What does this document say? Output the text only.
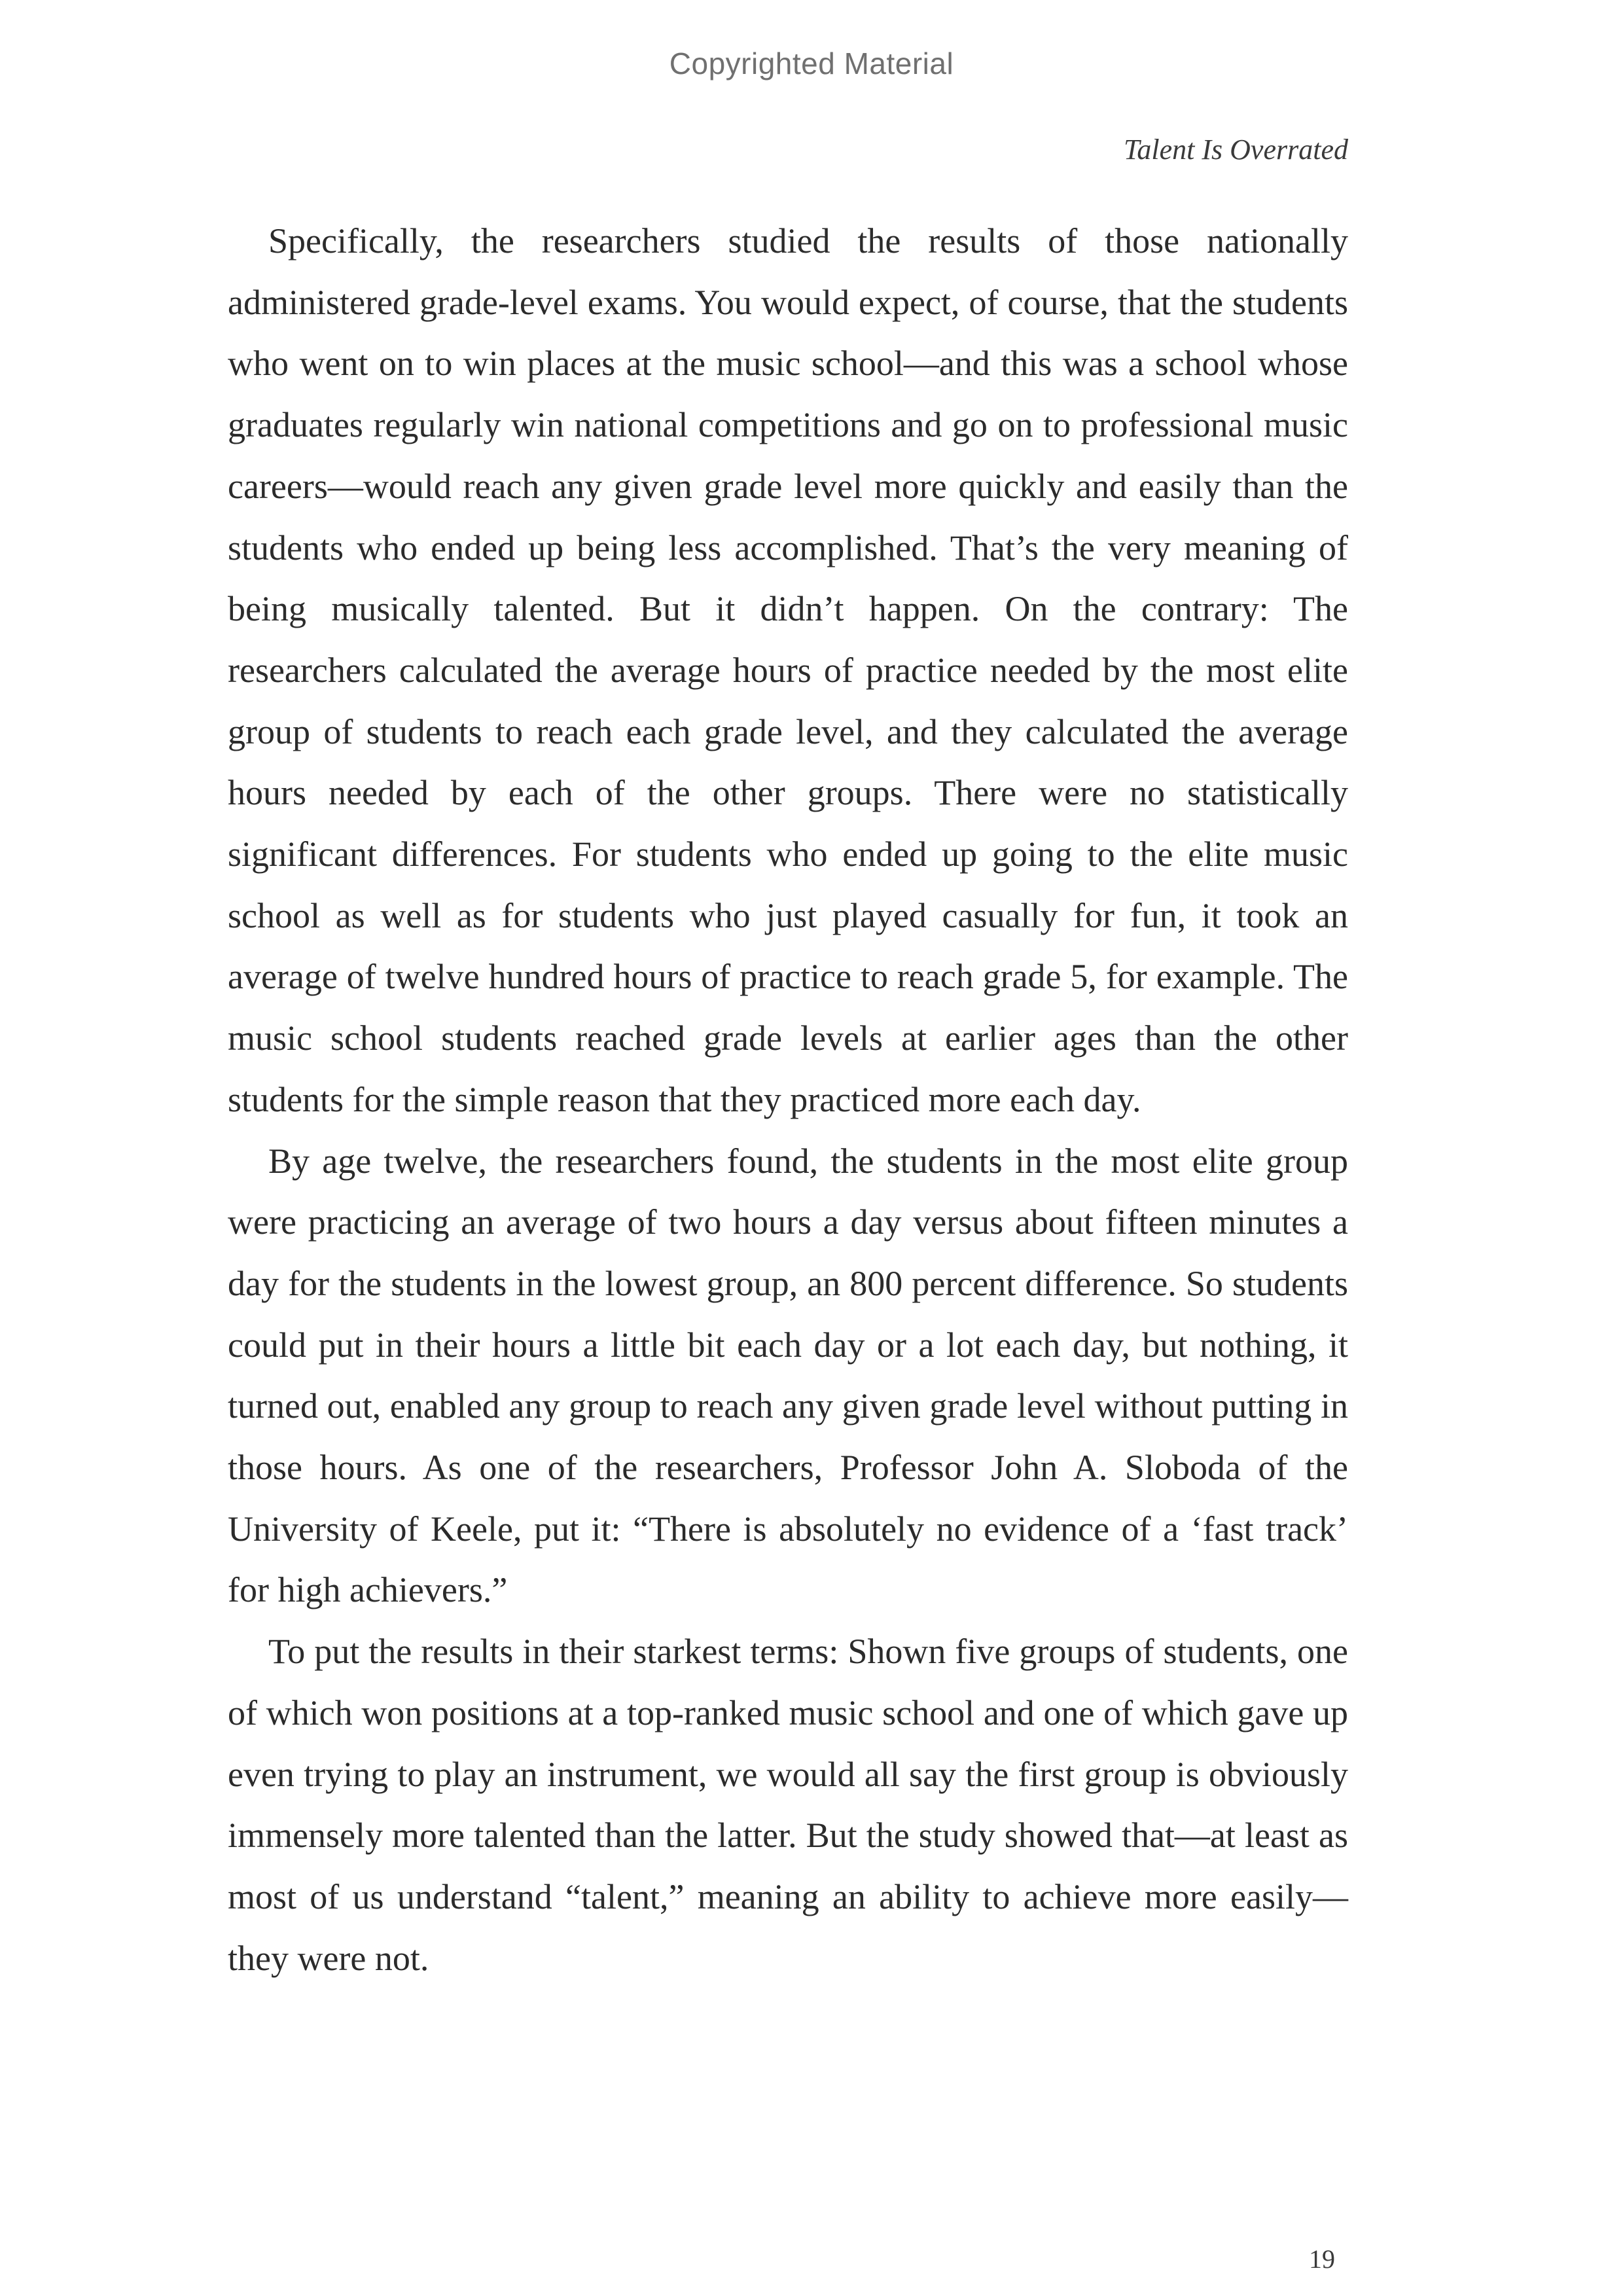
Copyrighted Material
Talent Is Overrated

Specifically, the researchers studied the results of those nationally administered grade-level exams. You would expect, of course, that the students who went on to win places at the music school—and this was a school whose graduates regularly win national competitions and go on to professional music careers—would reach any given grade level more quickly and easily than the students who ended up being less accomplished. That’s the very meaning of being musically talented. But it didn’t happen. On the contrary: The researchers calculated the average hours of practice needed by the most elite group of students to reach each grade level, and they calculated the average hours needed by each of the other groups. There were no statistically significant differences. For students who ended up going to the elite music school as well as for students who just played casually for fun, it took an average of twelve hundred hours of practice to reach grade 5, for example. The music school students reached grade levels at earlier ages than the other students for the simple reason that they practiced more each day.

By age twelve, the researchers found, the students in the most elite group were practicing an average of two hours a day versus about fifteen minutes a day for the students in the lowest group, an 800 percent difference. So students could put in their hours a little bit each day or a lot each day, but nothing, it turned out, enabled any group to reach any given grade level without putting in those hours. As one of the researchers, Professor John A. Sloboda of the University of Keele, put it: “There is absolutely no evidence of a ‘fast track’ for high achievers.”

To put the results in their starkest terms: Shown five groups of students, one of which won positions at a top-ranked music school and one of which gave up even trying to play an instrument, we would all say the first group is obviously immensely more talented than the latter. But the study showed that—at least as most of us understand “talent,” meaning an ability to achieve more easily—they were not.

19
